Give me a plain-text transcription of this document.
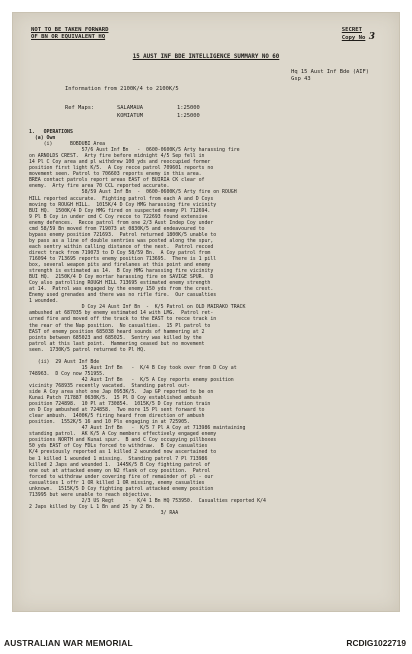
NOT TO BE TAKEN FORWARD
OF BN OR EQUIVALENT HQ
SECRET
Copy No 3
15 AUST INF BDE INTELLIGENCE SUMMARY NO 60
Hq 15 Aust Inf Bde (AIF)
Gsp 43
Information from 2100K/4 to 2100K/5
Ref Maps:	SALAMAUA	1:25000
KOMIATUM	1:25000

1.   OPERATIONS

(a) Own

(i)      BOBDUBI Area

57/6 Aust Inf Bn   -  0600-0600K/5 Arty harassing fire

on ARNOLDS CREST.  Arty fire before midnight 4/5 Sep fell in

14 Pl C Coy area and pl withdrew 100 yds and reoccupied former

position first light K/5.  A Coy recce patrol 709601 reports no

movement seen. Patrol to 706603 reports enemy in this area.

BREA contact patrols report areas EAST of BUIRIA CK clear of

enemy.  Arty fire area 70 CCL reported accurate.

58/59 Aust Inf Bn  -  0600-0600K/5 Arty fire on ROUGH

HILL reported accurate.  Fighting patrol from each A and D Coys

moving to ROUGH HILL.  1015K/4 D Coy HMG harassing fire vicinity

BUI HQ.  1500K/4 D Coy HMG fired on suspected enemy Pl 712694.

9 Pl B Coy in under cmd C Coy recce to 722693 found extensive

enemy defences.  Recce patrol from one 2/3 Aust Indep Coy under

cmd 58/59 Bn moved from 719073 at 0830K/5 and endeavoured to

bypass enemy position 721693.  Patrol returned 1800K/5 unable to

by pass as a line of double sentries was posted along the spur,

each sentry within calling distance of the next.  Patrol recced

direct track from 719073 to D Coy 58/59 Bn.  A Coy patrol from

716094 to 713695 reports enemy position 713695.  There is 1 pill

box, several weapon pits and firelanes at this point and enemy

strength is estimated as 14.  B Coy HMG harassing fire vicinity

BUI HQ.  2150K/4 D Coy mortar harassing fire on SAVIGE SPUR.  D

Coy also patrolling ROUGH HILL 713695 estimated enemy strength

at 14.  Patrol was engaged by the enemy 150 yds from the crest.

Enemy used grenades and there was no rifle fire.  Our casualties

1 wounded.

D Coy 24 Aust Inf Bn  -  K/5 Patrol on OLD MAIRAKO TRACK

ambushed at 687035 by enemy estimated 14 with LMG.  Patrol ret-

urned fire and moved off the track to the EAST to recce track in

the rear of the Nap position.  No casualties.  15 Pl patrol to

EAST of enemy position 685038 heard sounds of hammering at 2

points between 685023 and 685025.  Sentry was killed by the

patrol at this last point.  Hammering ceased but no movement

seen.  1730K/5 patrol returned to Pl HQ.

(ii)  29 Aust Inf Bde

15 Aust Inf Bn   -  K/4 B Coy took over from D Coy at

748963.  D Coy now 751955.

42 Aust Inf Bn   -  K/5 A Coy reports enemy position

vicinity 768935 recently vacated.  Standing patrol out-

side A Coy area shot one Jap 0953K/5.  Jap GP reported to be on

Kunai Patch 717887 0630K/5.  15 Pl D Coy established ambush

position 724898.  10 Pl at 730854.  1015K/5 D Coy ration train

on D Coy ambushed at 724858.  Two more 15 Pl sent forward to

clear ambush.  1400K/5 firing heard from direction of ambush

position.  1552K/5 16 and 10 Pls engaging in at 725905.

47 Aust Inf Bn   -  K/5 7 Pl A Coy at 713986 maintaining

standing patrol.  AK K/5 A Coy members effectively engaged enemy

positions NORTH and Kunai spur.  B and C Coy occupying pillboxes

50 yds EAST of Coy FDLs forced to withdraw.  B Coy casualties

K/4 previously reported as 1 killed 2 wounded now ascertained to

be 1 killed 1 wounded 1 missing.  Standing patrol 7 Pl 713986

killed 2 Japs and wounded 1.  1445K/5 B Coy fighting patrol of

one out at attacked enemy on N2 flank of coy position.  Patrol

forced to withdraw under covering fire of remainder of pl - our

casualties 1 offr 1 OR killed 1 OR missing, enemy casualties

unknown.  1515K/5 D Coy fighting patrol attacked enemy position

713995 but were unable to reach objective.

2/3 US Regt     -  K/4 1 Bn HQ 753950.  Casualties reported K/4

2 Japs killed by Coy L 1 Bn and 25 by 2 Bn.

3/ RAA

AUSTRALIAN WAR MEMORIAL	RCDIG1022719
